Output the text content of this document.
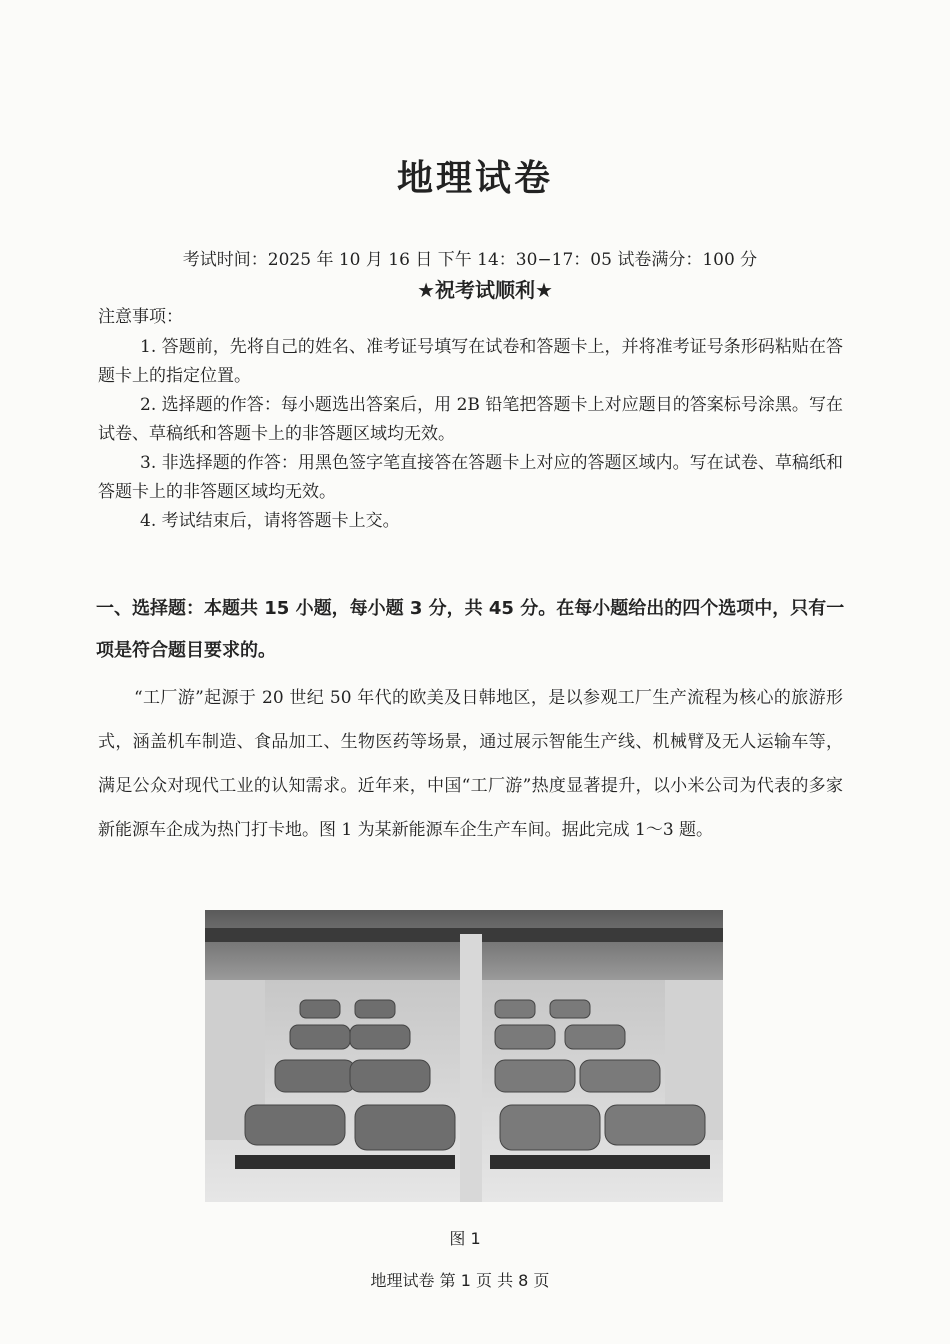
地理试卷
考试时间：2025 年 10 月 16 日 下午 14：30−17：05 试卷满分：100 分
★祝考试顺利★
注意事项：

1. 答题前，先将自己的姓名、准考证号填写在试卷和答题卡上，并将准考证号条形码粘贴在答题卡上的指定位置。

2. 选择题的作答：每小题选出答案后，用 2B 铅笔把答题卡上对应题目的答案标号涂黑。写在试卷、草稿纸和答题卡上的非答题区域均无效。

3. 非选择题的作答：用黑色签字笔直接答在答题卡上对应的答题区域内。写在试卷、草稿纸和答题卡上的非答题区域均无效。

4. 考试结束后，请将答题卡上交。

一、选择题：本题共 15 小题，每小题 3 分，共 45 分。在每小题给出的四个选项中，只有一项是符合题目要求的。

“工厂游”起源于 20 世纪 50 年代的欧美及日韩地区，是以参观工厂生产流程为核心的旅游形式，涵盖机车制造、食品加工、生物医药等场景，通过展示智能生产线、机械臂及无人运输车等，满足公众对现代工业的认知需求。近年来，中国“工厂游”热度显著提升，以小米公司为代表的多家新能源车企成为热门打卡地。图 1 为某新能源车企生产车间。据此完成 1～3 题。

图 1
地理试卷 第 1 页 共 8 页
